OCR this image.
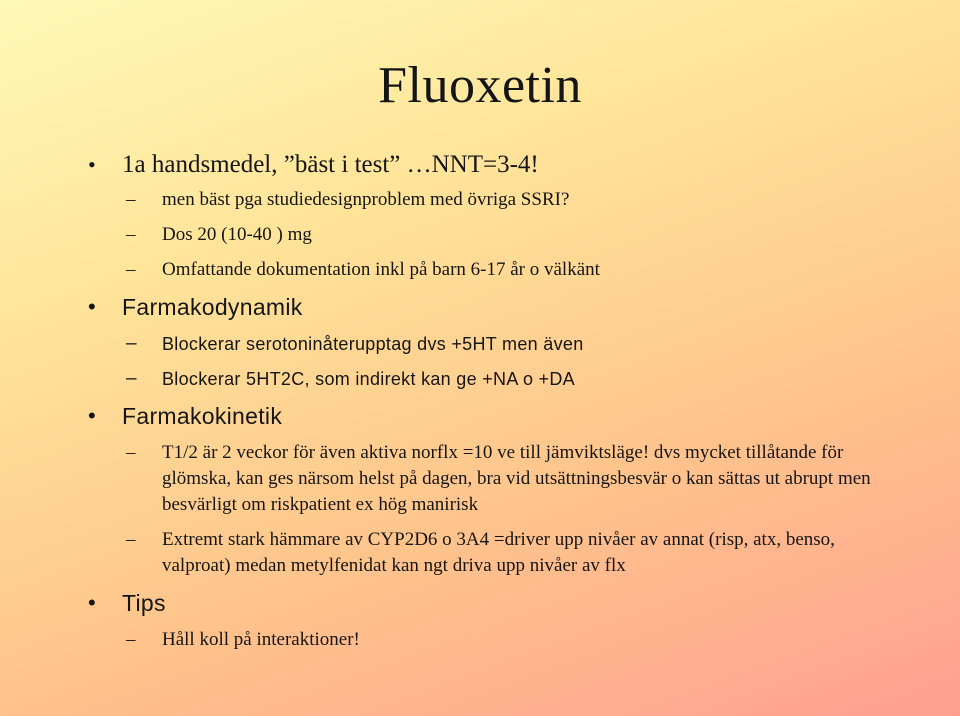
Fluoxetin
• 1a handsmedel, ”bäst i test” …NNT=3-4!
– men bäst pga studiedesignproblem med övriga SSRI?
– Dos 20 (10-40 ) mg
– Omfattande dokumentation inkl på barn 6-17 år o välkänt
• Farmakodynamik
– Blockerar serotoninåterupptag dvs +5HT men även
– Blockerar 5HT2C, som indirekt kan ge +NA o +DA
• Farmakokinetik
– T1/2 är 2 veckor för även aktiva norflx =10 ve till jämviktsläge! dvs mycket tillåtande för glömska, kan ges närsom helst på dagen, bra vid utsättningsbesvär o kan sättas ut abrupt men besvärligt om riskpatient ex hög manirisk
– Extremt stark hämmare av CYP2D6 o 3A4 =driver upp nivåer av annat (risp, atx, benso, valproat) medan metylfenidat kan ngt driva upp nivåer av flx
• Tips
– Håll koll på interaktioner!
